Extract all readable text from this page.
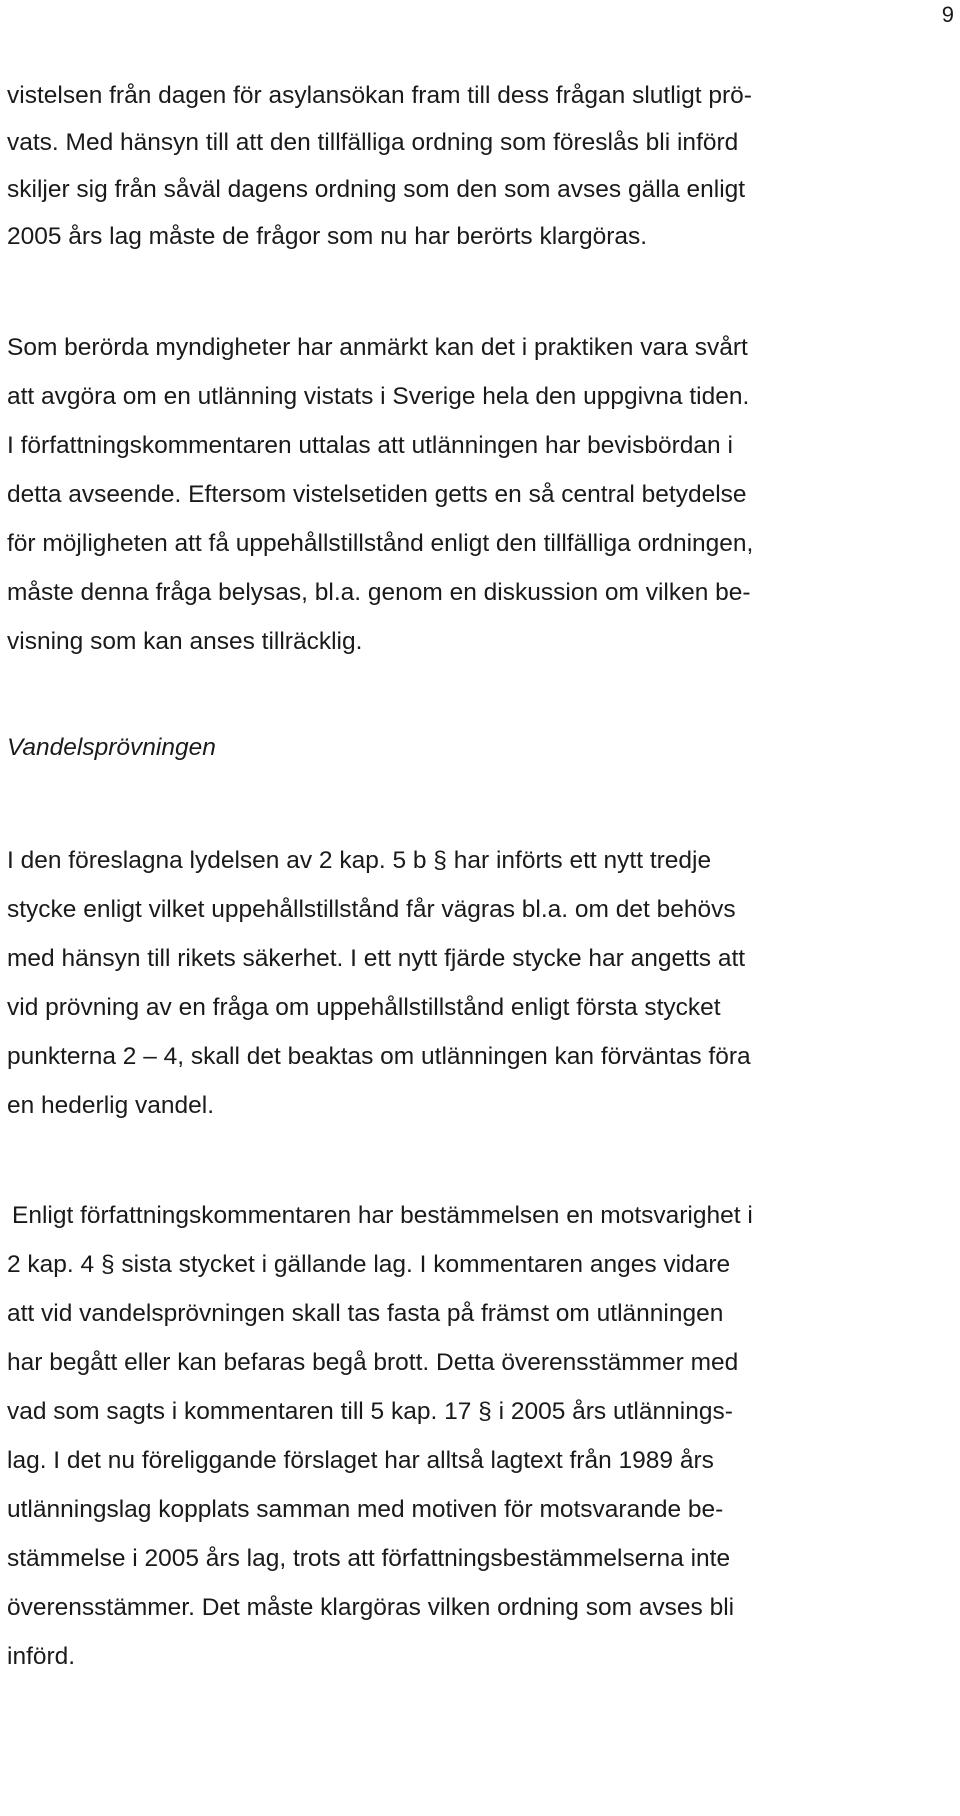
9
vistelsen från dagen för asylansökan fram till dess frågan slutligt prö-
vats. Med hänsyn till att den tillfälliga ordning som föreslås bli införd
skiljer sig från såväl dagens ordning som den som avses gälla enligt
2005 års lag måste de frågor som nu har berörts klargöras.
Som berörda myndigheter har anmärkt kan det i praktiken vara svårt
att avgöra om en utlänning vistats i Sverige hela den uppgivna tiden.
I författningskommentaren uttalas att utlänningen har bevisbördan i
detta avseende. Eftersom vistelsetiden getts en så central betydelse
för möjligheten att få uppehållstillstånd enligt den tillfälliga ordningen,
måste denna fråga belysas, bl.a. genom en diskussion om vilken be-
visning som kan anses tillräcklig.
Vandelsprövningen
I den föreslagna lydelsen av 2 kap. 5 b § har införts ett nytt tredje
stycke enligt vilket uppehållstillstånd får vägras bl.a. om det behövs
med hänsyn till rikets säkerhet. I ett nytt fjärde stycke har angetts att
vid prövning av en fråga om uppehållstillstånd enligt första stycket
punkterna 2 – 4, skall det beaktas om utlänningen kan förväntas föra
en hederlig vandel.
Enligt författningskommentaren har bestämmelsen en motsvarighet i
2 kap. 4 § sista stycket i gällande lag. I kommentaren anges vidare
att vid vandelsprövningen skall tas fasta på främst om utlänningen
har begått eller kan befaras begå brott. Detta överensstämmer med
vad som sagts i kommentaren till 5 kap. 17 § i 2005 års utlännings-
lag. I det nu föreliggande förslaget har alltså lagtext från 1989 års
utlänningslag kopplats samman med motiven för motsvarande be-
stämmelse i 2005 års lag, trots att författningsbestämmelserna inte
överensstämmer. Det måste klargöras vilken ordning som avses bli
införd.
